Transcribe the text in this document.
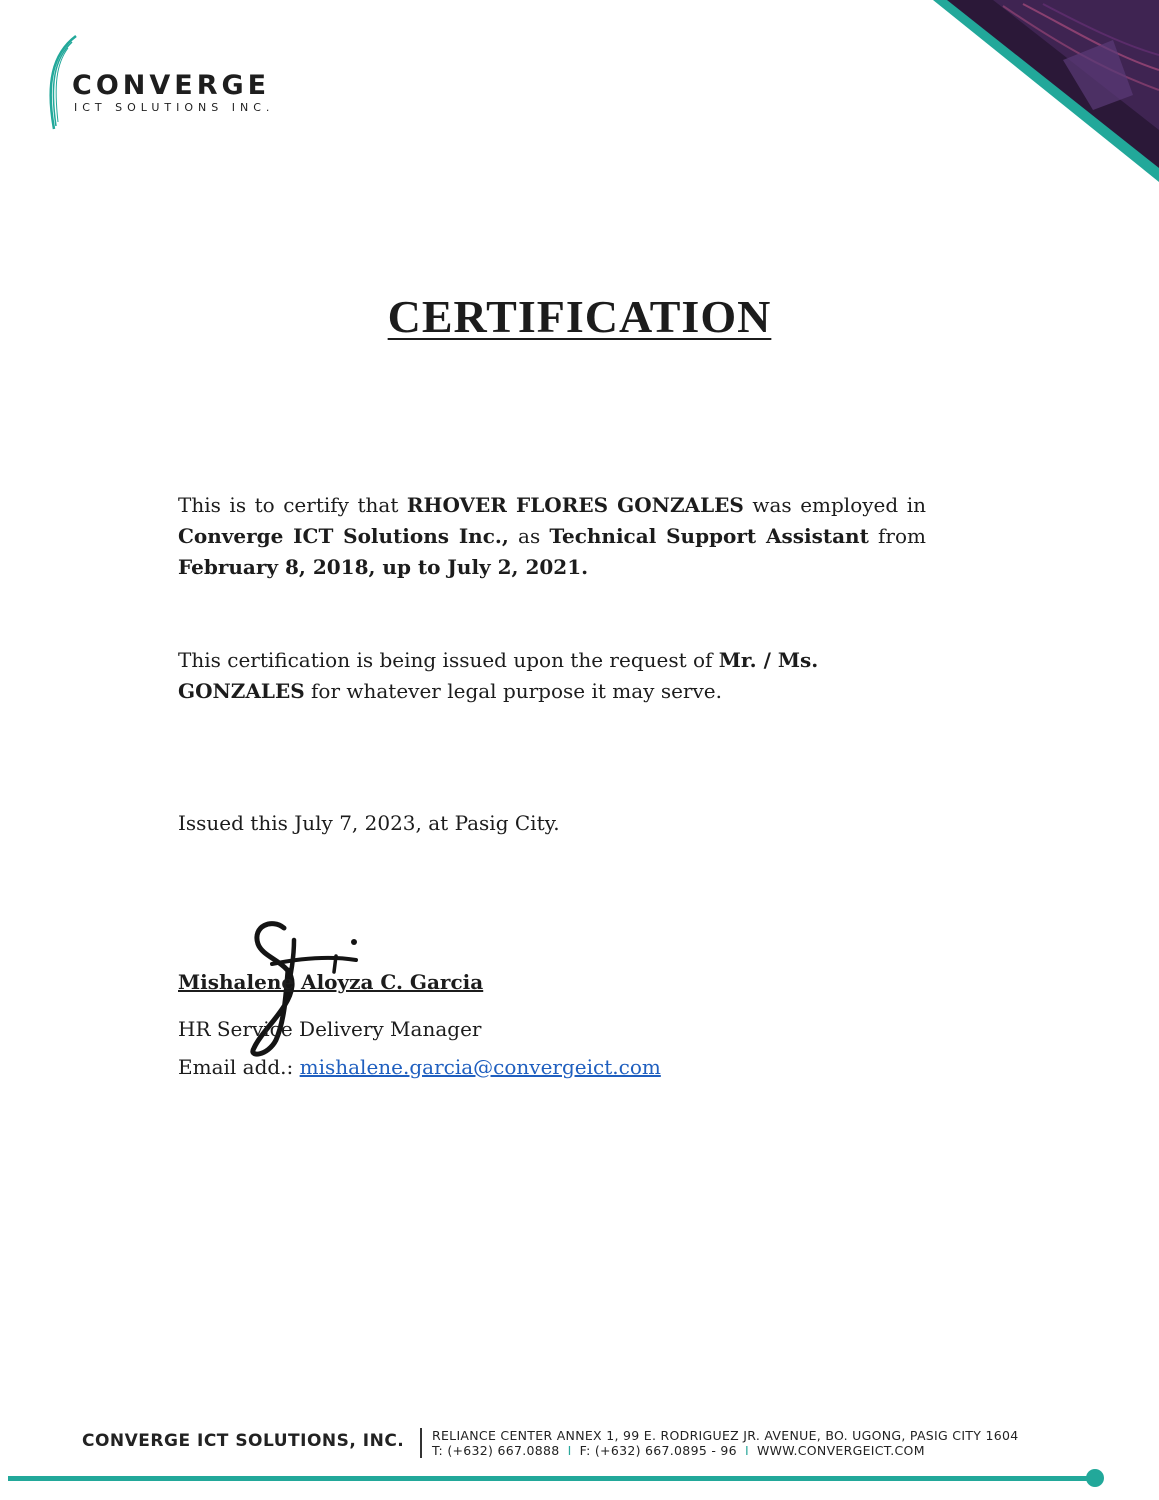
CONVERGE
ICT SOLUTIONS INC.
CERTIFICATION
This is to certify that RHOVER FLORES GONZALES was employed in Converge ICT Solutions Inc., as Technical Support Assistant from February 8, 2018, up to July 2, 2021.
This certification is being issued upon the request of Mr. / Ms. GONZALES for whatever legal purpose it may serve.
Issued this July 7, 2023, at Pasig City.
Mishalene Aloyza C. Garcia
HR Service Delivery Manager
Email add.: mishalene.garcia@convergeict.com
CONVERGE ICT SOLUTIONS, INC. RELIANCE CENTER ANNEX 1, 99 E. RODRIGUEZ JR. AVENUE, BO. UGONG, PASIG CITY 1604
T: (+632) 667.0888 I F: (+632) 667.0895 - 96 I WWW.CONVERGEICT.COM
